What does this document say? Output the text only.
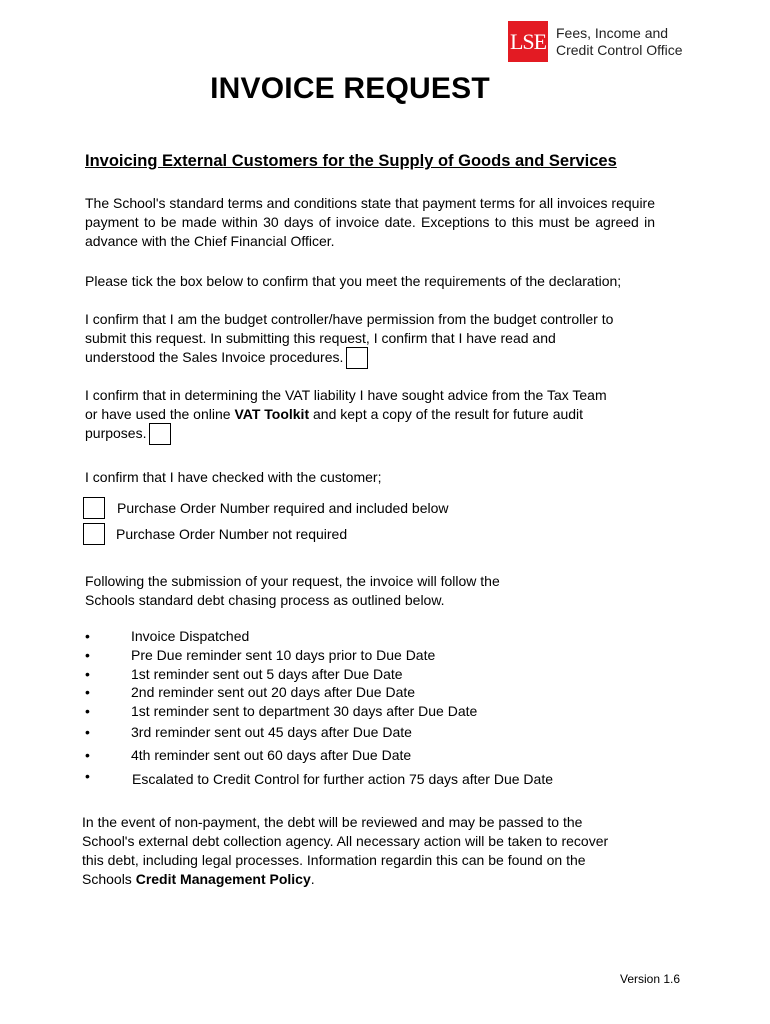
LSE Fees, Income and
Credit Control Office
INVOICE REQUEST
Invoicing External Customers for the Supply of Goods and Services
The School's standard terms and conditions state that payment terms for all invoices require payment to be made within 30 days of invoice date. Exceptions to this must be agreed in advance with the Chief Financial Officer.
Please tick the box below to confirm that you meet the requirements of the declaration;
I confirm that I am the budget controller/have permission from the budget controller to
submit this request. In submitting this request, I confirm that I have read and
understood the Sales Invoice procedures.
I confirm that in determining the VAT liability I have sought advice from the Tax Team
or have used the online VAT Toolkit and kept a copy of the result for future audit
purposes.
I confirm that I have checked with the customer;
Purchase Order Number required and included below
Purchase Order Number not required
Following the submission of your request, the invoice will follow the
Schools standard debt chasing process as outlined below.
•	Invoice Dispatched
•	Pre Due reminder sent 10 days prior to Due Date
•	1st reminder sent out 5 days after Due Date
•	2nd reminder sent out 20 days after Due Date
•	1st reminder sent to department 30 days after Due Date
•	3rd reminder sent out 45 days after Due Date
•	4th reminder sent out 60 days after Due Date
•	Escalated to Credit Control for further action 75 days after Due Date
In the event of non-payment, the debt will be reviewed and may be passed to the
School's external debt collection agency. All necessary action will be taken to recover
this debt, including legal processes. Information regardin this can be found on the
Schools Credit Management Policy.
Version 1.6
